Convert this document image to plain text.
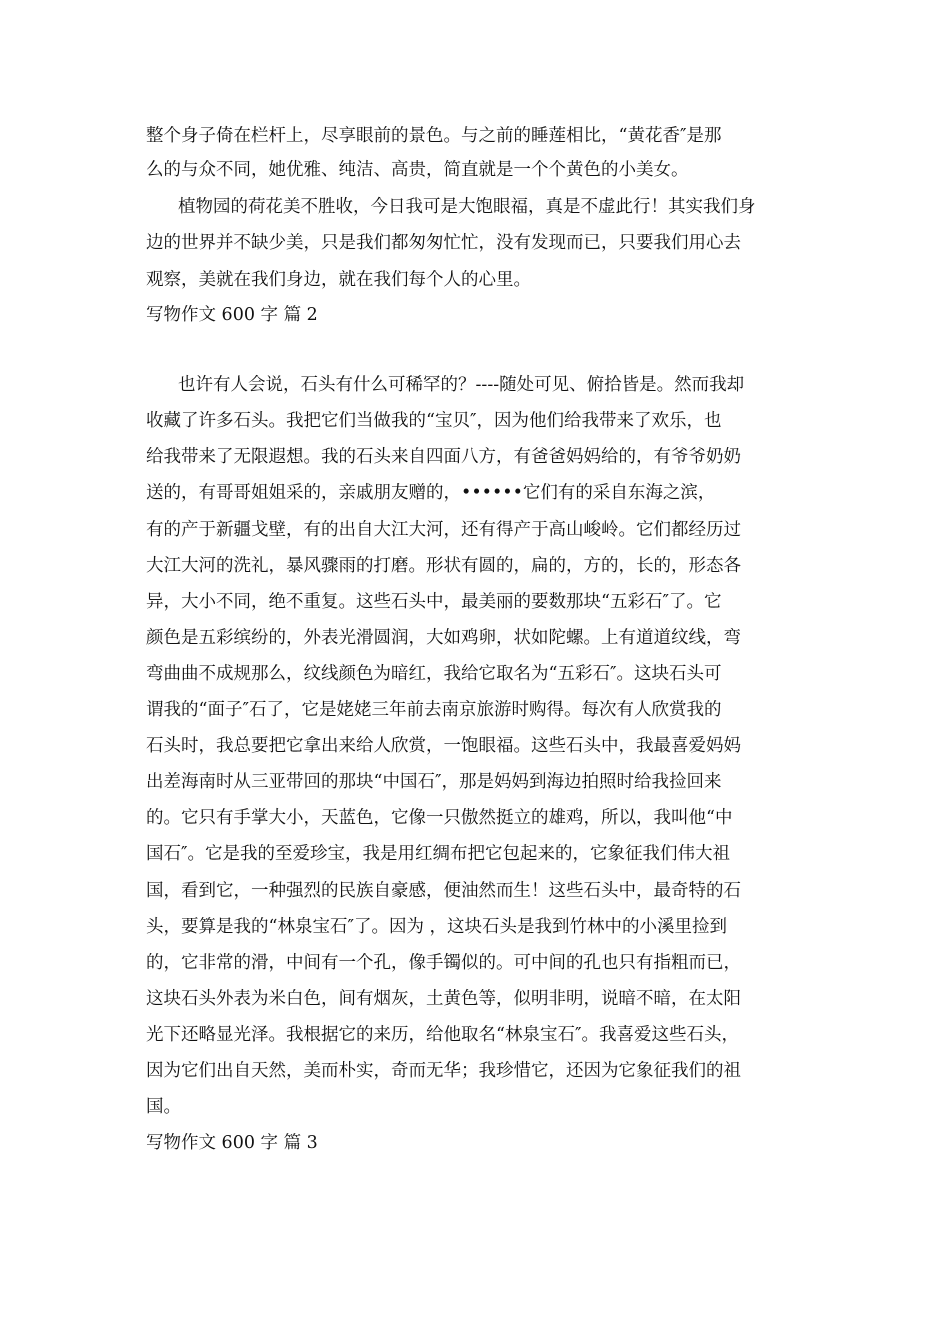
整个身子倚在栏杆上，尽享眼前的景色。与之前的睡莲相比，“黄花香″是那
么的与众不同，她优雅、纯洁、高贵，简直就是一个个黄色的小美女。
植物园的荷花美不胜收，今日我可是大饱眼福，真是不虚此行！其实我们身
边的世界并不缺少美，只是我们都匆匆忙忙，没有发现而已，只要我们用心去
观察，美就在我们身边，就在我们每个人的心里。
写物作文 600 字 篇 2
也许有人会说，石头有什么可稀罕的？----随处可见、俯拾皆是。然而我却
收藏了许多石头。我把它们当做我的“宝贝″，因为他们给我带来了欢乐，也
给我带来了无限遐想。我的石头来自四面八方，有爸爸妈妈给的，有爷爷奶奶
送的，有哥哥姐姐采的，亲戚朋友赠的，••••••它们有的采自东海之滨，
有的产于新疆戈壁，有的出自大江大河，还有得产于高山峻岭。它们都经历过
大江大河的洗礼，暴风骤雨的打磨。形状有圆的，扁的，方的，长的，形态各
异，大小不同，绝不重复。这些石头中，最美丽的要数那块“五彩石″了。它
颜色是五彩缤纷的，外表光滑圆润，大如鸡卵，状如陀螺。上有道道纹线，弯
弯曲曲不成规那么，纹线颜色为暗红，我给它取名为“五彩石″。这块石头可
谓我的“面子″石了，它是姥姥三年前去南京旅游时购得。每次有人欣赏我的
石头时，我总要把它拿出来给人欣赏，一饱眼福。这些石头中，我最喜爱妈妈
出差海南时从三亚带回的那块“中国石″，那是妈妈到海边拍照时给我捡回来
的。它只有手掌大小，天蓝色，它像一只傲然挺立的雄鸡，所以，我叫他“中
国石″。它是我的至爱珍宝，我是用红绸布把它包起来的，它象征我们伟大祖
国，看到它，一种强烈的民族自豪感，便油然而生！这些石头中，最奇特的石
头，要算是我的“林泉宝石″了。因为 ，这块石头是我到竹林中的小溪里捡到
的，它非常的滑，中间有一个孔，像手镯似的。可中间的孔也只有指粗而已，
这块石头外表为米白色，间有烟灰，土黄色等，似明非明，说暗不暗，在太阳
光下还略显光泽。我根据它的来历，给他取名“林泉宝石″。我喜爱这些石头，
因为它们出自天然，美而朴实，奇而无华；我珍惜它，还因为它象征我们的祖
国。
写物作文 600 字 篇 3
